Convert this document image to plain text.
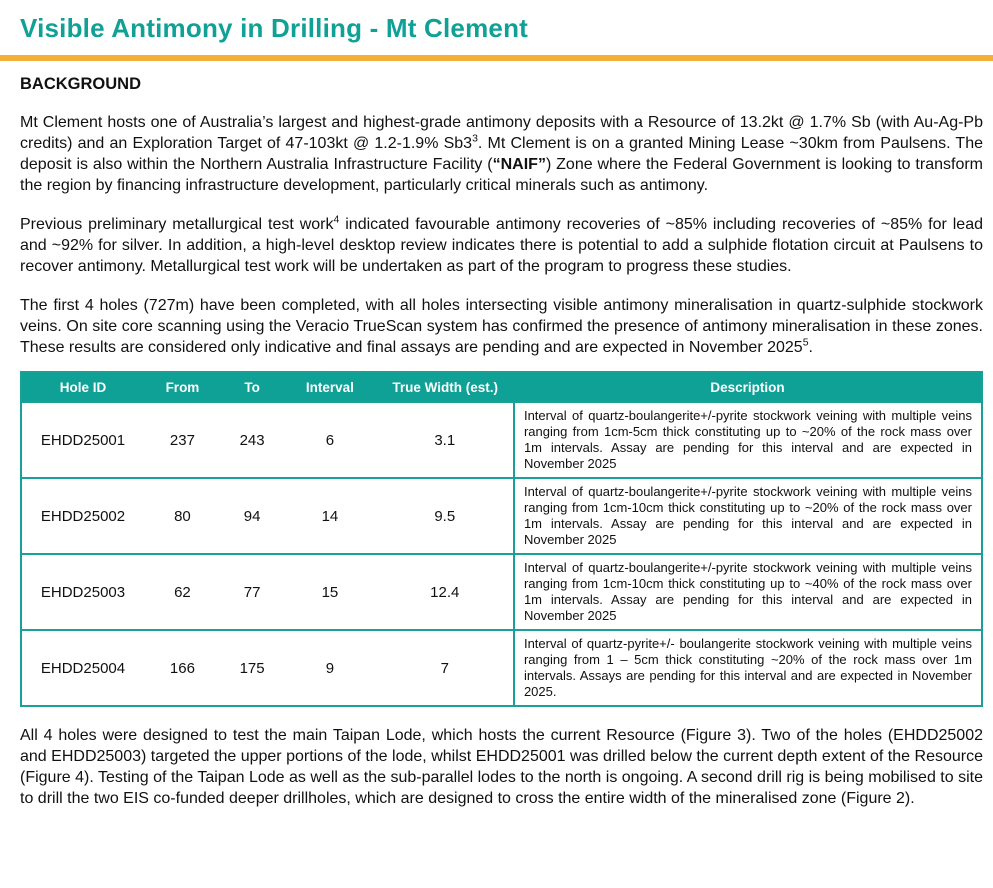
Visible Antimony in Drilling - Mt Clement
BACKGROUND

Mt Clement hosts one of Australia’s largest and highest-grade antimony deposits with a Resource of 13.2kt @ 1.7% Sb (with Au-Ag-Pb credits) and an Exploration Target of 47-103kt @ 1.2-1.9% $Sb3^3$. Mt Clement is on a granted Mining Lease ~30km from Paulsens. The deposit is also within the Northern Australia Infrastructure Facility (“NAIF”) Zone where the Federal Government is looking to transform the region by financing infrastructure development, particularly critical minerals such as antimony.

Previous preliminary metallurgical test work$^4$ indicated favourable antimony recoveries of ~85% including recoveries of ~85% for lead and ~92% for silver. In addition, a high-level desktop review indicates there is potential to add a sulphide flotation circuit at Paulsens to recover antimony. Metallurgical test work will be undertaken as part of the program to progress these studies.

The first 4 holes (727m) have been completed, with all holes intersecting visible antimony mineralisation in quartz-sulphide stockwork veins. On site core scanning using the Veracio TrueScan system has confirmed the presence of antimony mineralisation in these zones. These results are considered only indicative and final assays are pending and are expected in November 2025$^5$.

Hole ID	From	To	Interval	True Width (est.)	Description
EHDD25001	237	243	6	3.1	Interval of quartz-boulangerite+/-pyrite stockwork veining with multiple veins ranging from 1cm-5cm thick constituting up to ~20% of the rock mass over 1m intervals. Assay are pending for this interval and are expected in November 2025
EHDD25002	80	94	14	9.5	Interval of quartz-boulangerite+/-pyrite stockwork veining with multiple veins ranging from 1cm-10cm thick constituting up to ~20% of the rock mass over 1m intervals. Assay are pending for this interval and are expected in November 2025
EHDD25003	62	77	15	12.4	Interval of quartz-boulangerite+/-pyrite stockwork veining with multiple veins ranging from 1cm-10cm thick constituting up to ~40% of the rock mass over 1m intervals. Assay are pending for this interval and are expected in November 2025
EHDD25004	166	175	9	7	Interval of quartz-pyrite+/- boulangerite stockwork veining with multiple veins ranging from 1 – 5cm thick constituting ~20% of the rock mass over 1m intervals. Assays are pending for this interval and are expected in November 2025.

All 4 holes were designed to test the main Taipan Lode, which hosts the current Resource (Figure 3). Two of the holes (EHDD25002 and EHDD25003) targeted the upper portions of the lode, whilst EHDD25001 was drilled below the current depth extent of the Resource (Figure 4). Testing of the Taipan Lode as well as the sub-parallel lodes to the north is ongoing. A second drill rig is being mobilised to site to drill the two EIS co-funded deeper drillholes, which are designed to cross the entire width of the mineralised zone (Figure 2).
